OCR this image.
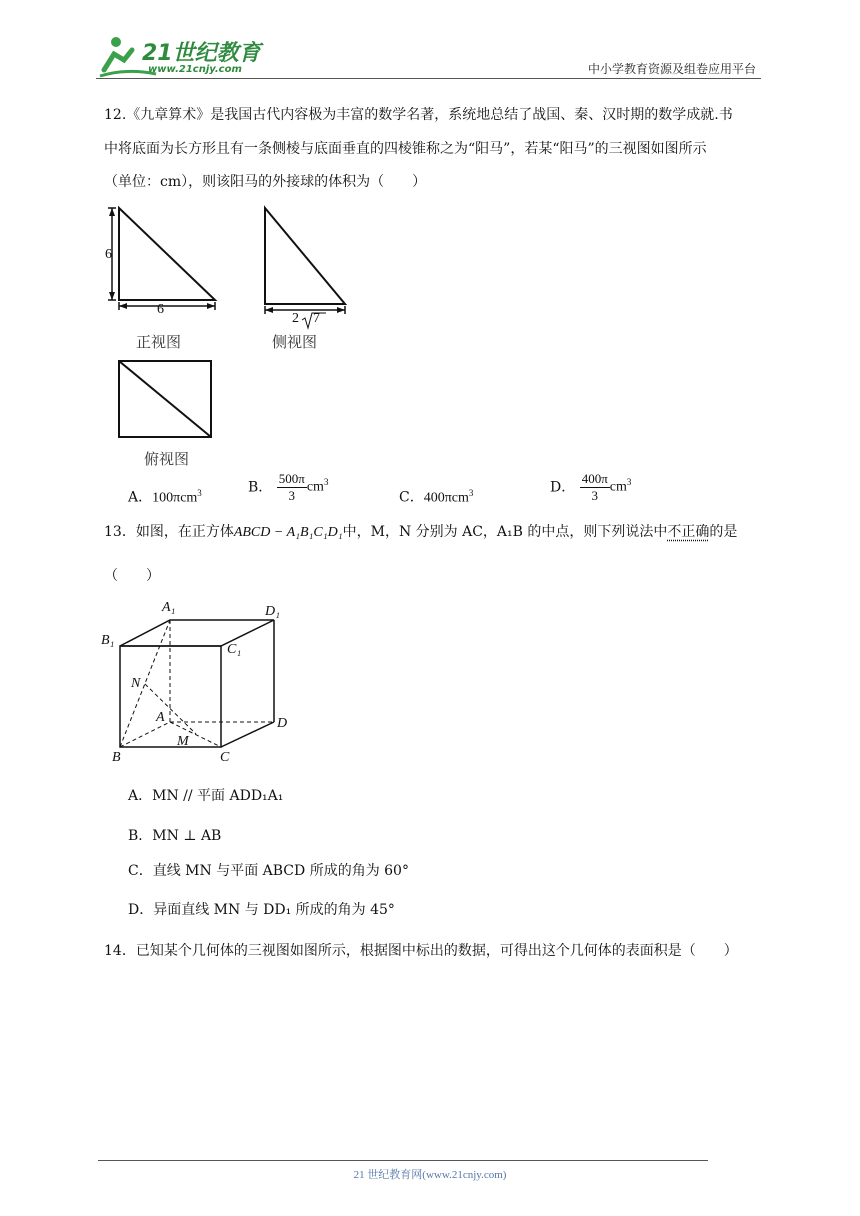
21世纪教育
www.21cnjy.com	中小学教育资源及组卷应用平台
12.《九章算术》是我国古代内容极为丰富的数学名著，系统地总结了战国、秦、汉时期的数学成就.书
中将底面为长方形且有一条侧棱与底面垂直的四棱锥称之为“阳马”，若某“阳马”的三视图如图所示
（单位：cm），则该阳马的外接球的体积为（　　）
6
6
2 7
正视图	侧视图
俯视图
A．100πcm$^3$	B． $\frac{500\pi}{3} cm^3$
C．400πcm$^3$	D． $\frac{400\pi}{3} cm^3$
13．如图，在正方体ABCD − A₁B₁C₁D₁中，M，N 分别为 AC，A₁B 的中点，则下列说法中不正确的是
（　　）
A₁	D₁
B₁
C₁
N
A
M
D
B	C
A．MN // 平面 ADD₁A₁
B．MN ⊥ AB
C．直线 MN 与平面 ABCD 所成的角为 60°
D．异面直线 MN 与 DD₁ 所成的角为 45°
14．已知某个几何体的三视图如图所示，根据图中标出的数据，可得出这个几何体的表面积是（　　）
21 世纪教育网(www.21cnjy.com)
